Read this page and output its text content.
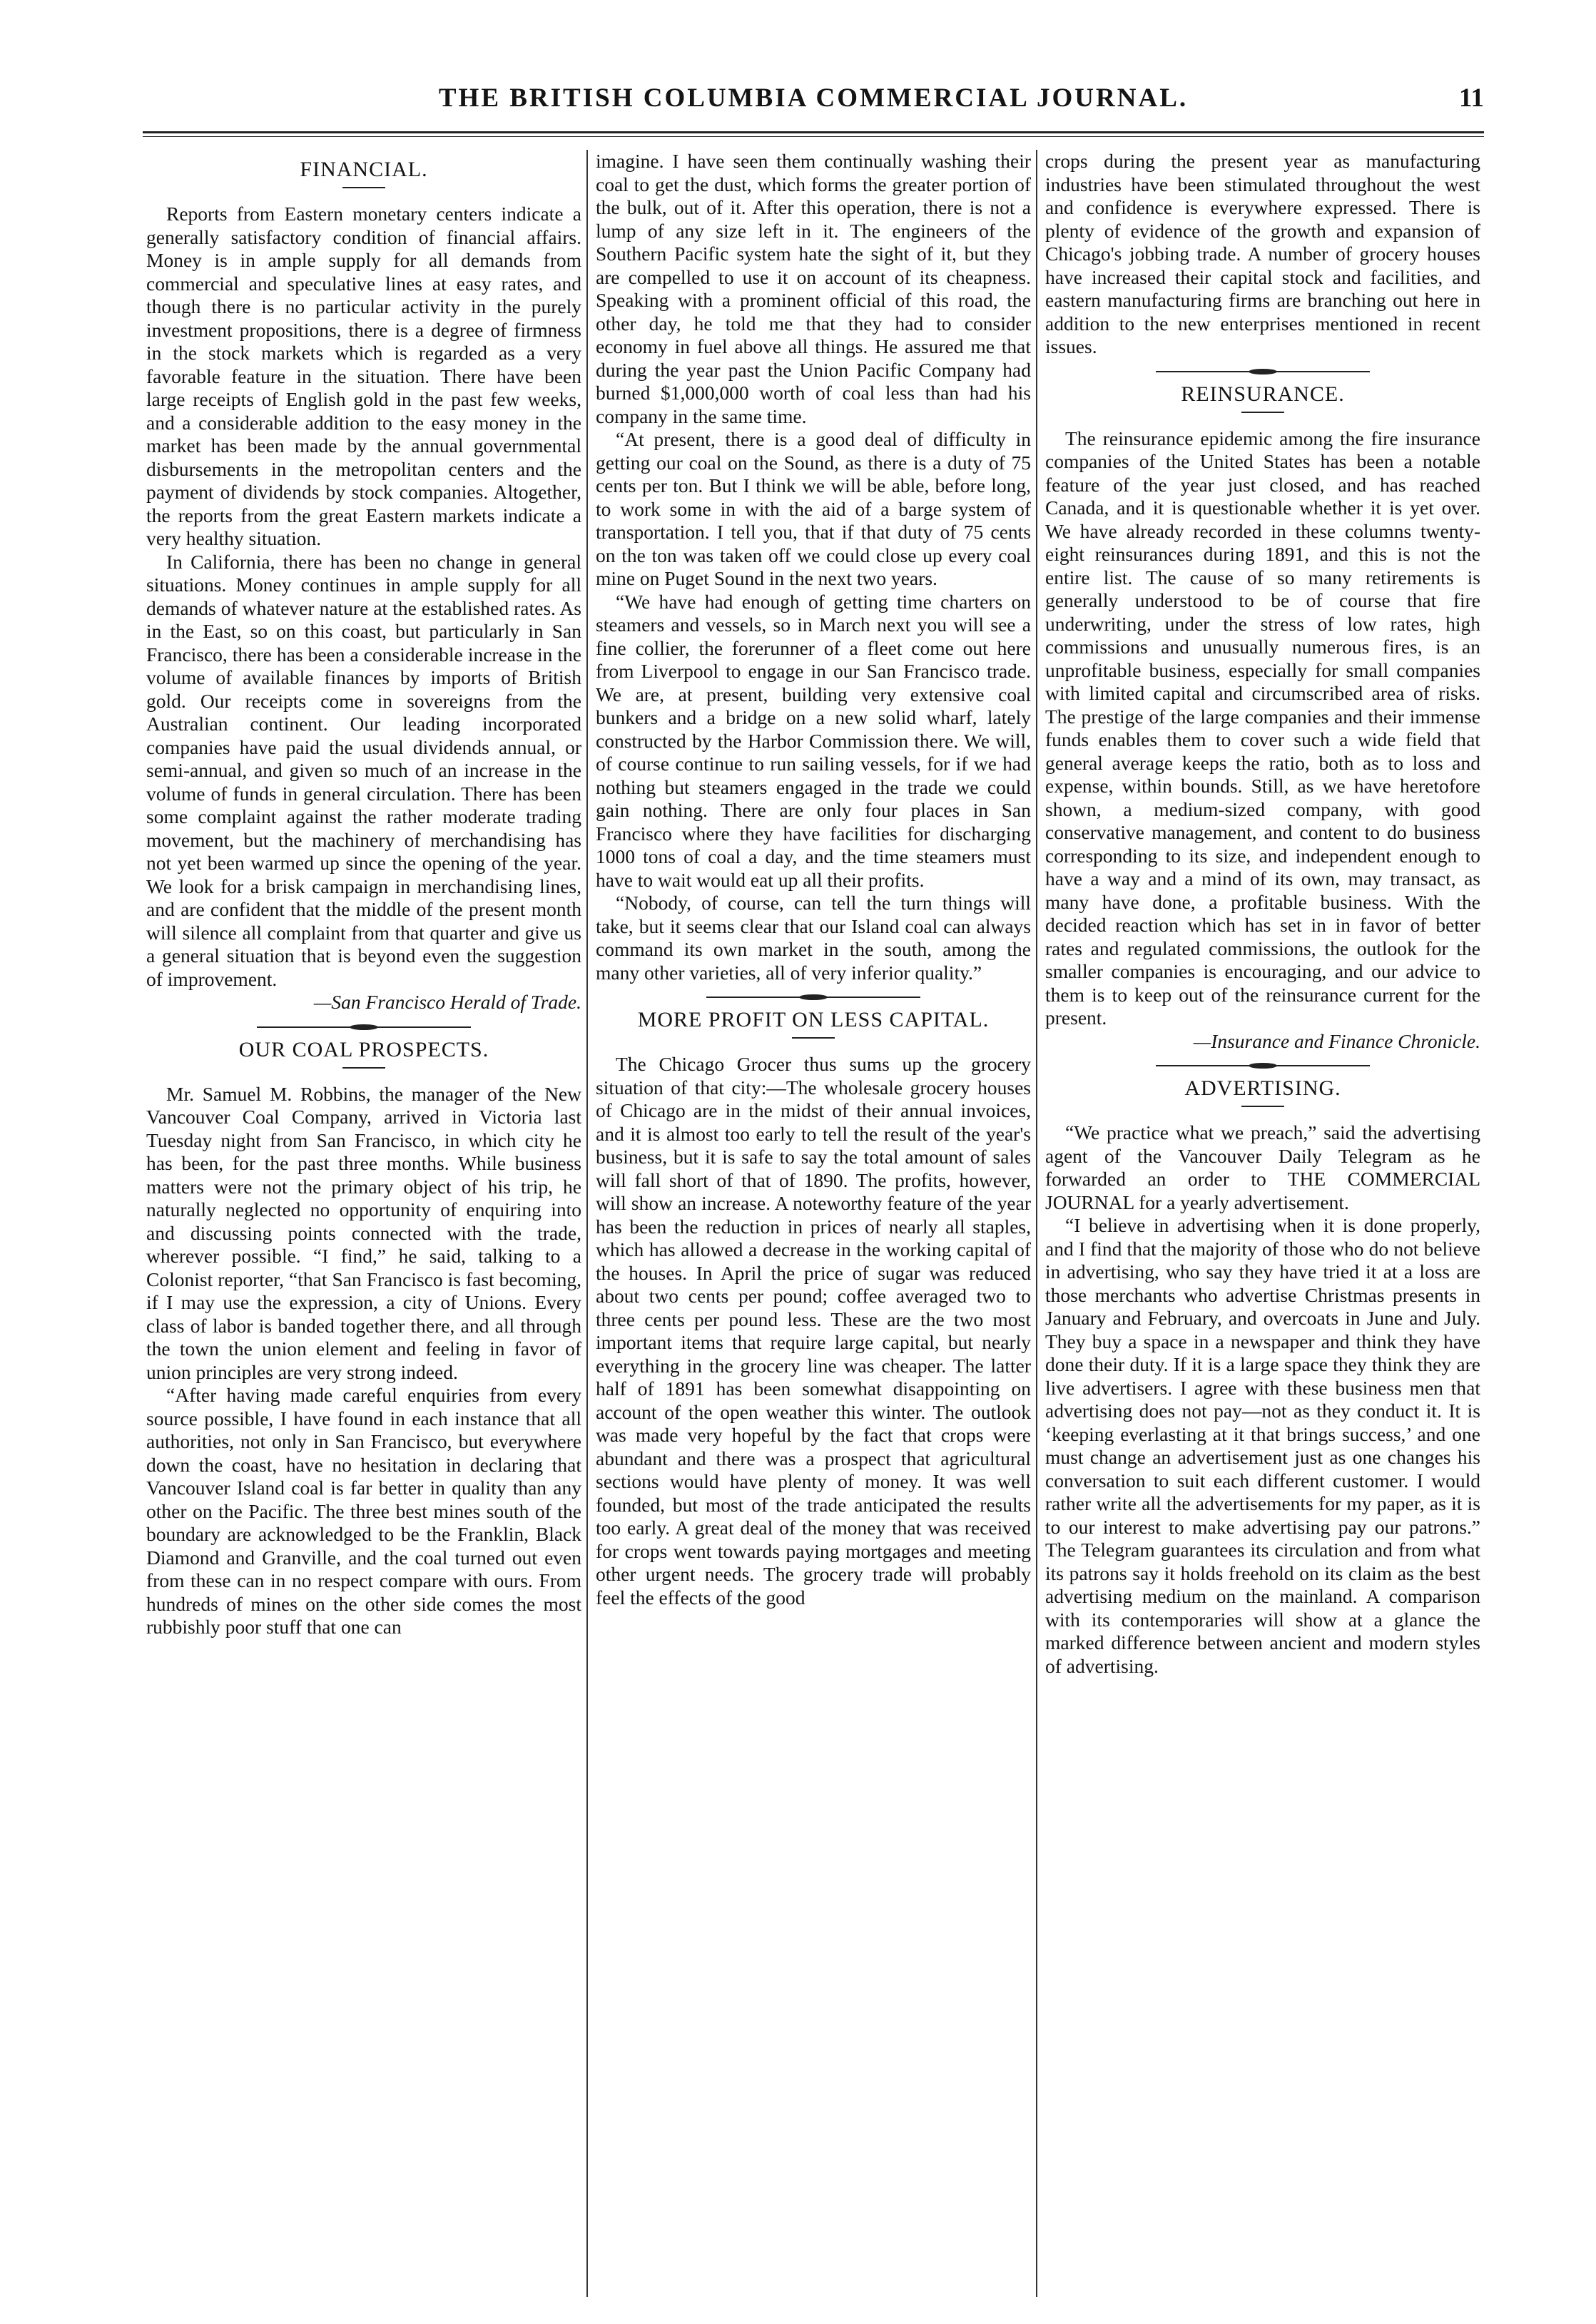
THE BRITISH COLUMBIA COMMERCIAL JOURNAL.	11
FINANCIAL.

Reports from Eastern monetary centers indicate a generally satisfactory condition of financial affairs. Money is in ample supply for all demands from commercial and speculative lines at easy rates, and though there is no particular activity in the purely investment propositions, there is a degree of firmness in the stock markets which is regarded as a very favorable feature in the situation. There have been large receipts of English gold in the past few weeks, and a considerable addition to the easy money in the market has been made by the annual governmental disbursements in the metropolitan centers and the payment of dividends by stock companies. Altogether, the reports from the great Eastern markets indicate a very healthy situation.

In California, there has been no change in general situations. Money continues in ample supply for all demands of whatever nature at the established rates. As in the East, so on this coast, but particularly in San Francisco, there has been a considerable increase in the volume of available finances by imports of British gold. Our receipts come in sovereigns from the Australian continent. Our leading incorporated companies have paid the usual dividends annual, or semi-annual, and given so much of an increase in the volume of funds in general circulation. There has been some complaint against the rather moderate trading movement, but the machinery of merchandising has not yet been warmed up since the opening of the year. We look for a brisk campaign in merchandising lines, and are confident that the middle of the present month will silence all complaint from that quarter and give us a general situation that is beyond even the suggestion of improvement.

—San Francisco Herald of Trade.

OUR COAL PROSPECTS.

Mr. Samuel M. Robbins, the manager of the New Vancouver Coal Company, arrived in Victoria last Tuesday night from San Francisco, in which city he has been, for the past three months. While business matters were not the primary object of his trip, he naturally neglected no opportunity of enquiring into and discussing points connected with the trade, wherever possible. “I find,” he said, talking to a Colonist reporter, “that San Francisco is fast becoming, if I may use the expression, a city of Unions. Every class of labor is banded together there, and all through the town the union element and feeling in favor of union principles are very strong indeed.

“After having made careful enquiries from every source possible, I have found in each instance that all authorities, not only in San Francisco, but everywhere down the coast, have no hesitation in declaring that Vancouver Island coal is far better in quality than any other on the Pacific. The three best mines south of the boundary are acknowledged to be the Franklin, Black Diamond and Granville, and the coal turned out even from these can in no respect compare with ours. From hundreds of mines on the other side comes the most rubbishly poor stuff that one can

imagine. I have seen them continually washing their coal to get the dust, which forms the greater portion of the bulk, out of it. After this operation, there is not a lump of any size left in it. The engineers of the Southern Pacific system hate the sight of it, but they are compelled to use it on account of its cheapness. Speaking with a prominent official of this road, the other day, he told me that they had to consider economy in fuel above all things. He assured me that during the year past the Union Pacific Company had burned $1,000,000 worth of coal less than had his company in the same time.

“At present, there is a good deal of difficulty in getting our coal on the Sound, as there is a duty of 75 cents per ton. But I think we will be able, before long, to work some in with the aid of a barge system of transportation. I tell you, that if that duty of 75 cents on the ton was taken off we could close up every coal mine on Puget Sound in the next two years.

“We have had enough of getting time charters on steamers and vessels, so in March next you will see a fine collier, the forerunner of a fleet come out here from Liverpool to engage in our San Francisco trade. We are, at present, building very extensive coal bunkers and a bridge on a new solid wharf, lately constructed by the Harbor Commission there. We will, of course continue to run sailing vessels, for if we had nothing but steamers engaged in the trade we could gain nothing. There are only four places in San Francisco where they have facilities for discharging 1000 tons of coal a day, and the time steamers must have to wait would eat up all their profits.

“Nobody, of course, can tell the turn things will take, but it seems clear that our Island coal can always command its own market in the south, among the many other varieties, all of very inferior quality.”

MORE PROFIT ON LESS CAPITAL.

The Chicago Grocer thus sums up the grocery situation of that city:—The wholesale grocery houses of Chicago are in the midst of their annual invoices, and it is almost too early to tell the result of the year's business, but it is safe to say the total amount of sales will fall short of that of 1890. The profits, however, will show an increase. A noteworthy feature of the year has been the reduction in prices of nearly all staples, which has allowed a decrease in the working capital of the houses. In April the price of sugar was reduced about two cents per pound; coffee averaged two to three cents per pound less. These are the two most important items that require large capital, but nearly everything in the grocery line was cheaper. The latter half of 1891 has been somewhat disappointing on account of the open weather this winter. The outlook was made very hopeful by the fact that crops were abundant and there was a prospect that agricultural sections would have plenty of money. It was well founded, but most of the trade anticipated the results too early. A great deal of the money that was received for crops went towards paying mortgages and meeting other urgent needs. The grocery trade will probably feel the effects of the good

crops during the present year as manufacturing industries have been stimulated throughout the west and confidence is everywhere expressed. There is plenty of evidence of the growth and expansion of Chicago's jobbing trade. A number of grocery houses have increased their capital stock and facilities, and eastern manufacturing firms are branching out here in addition to the new enterprises mentioned in recent issues.

REINSURANCE.

The reinsurance epidemic among the fire insurance companies of the United States has been a notable feature of the year just closed, and has reached Canada, and it is questionable whether it is yet over. We have already recorded in these columns twenty-eight reinsurances during 1891, and this is not the entire list. The cause of so many retirements is generally understood to be of course that fire underwriting, under the stress of low rates, high commissions and unusually numerous fires, is an unprofitable business, especially for small companies with limited capital and circumscribed area of risks. The prestige of the large companies and their immense funds enables them to cover such a wide field that general average keeps the ratio, both as to loss and expense, within bounds. Still, as we have heretofore shown, a medium-sized company, with good conservative management, and content to do business corresponding to its size, and independent enough to have a way and a mind of its own, may transact, as many have done, a profitable business. With the decided reaction which has set in in favor of better rates and regulated commissions, the outlook for the smaller companies is encouraging, and our advice to them is to keep out of the reinsurance current for the present.

—Insurance and Finance Chronicle.

ADVERTISING.

“We practice what we preach,” said the advertising agent of the Vancouver Daily Telegram as he forwarded an order to THE COMMERCIAL JOURNAL for a yearly advertisement.

“I believe in advertising when it is done properly, and I find that the majority of those who do not believe in advertising, who say they have tried it at a loss are those merchants who advertise Christmas presents in January and February, and overcoats in June and July. They buy a space in a newspaper and think they have done their duty. If it is a large space they think they are live advertisers. I agree with these business men that advertising does not pay—not as they conduct it. It is ‘keeping everlasting at it that brings success,’ and one must change an advertisement just as one changes his conversation to suit each different customer. I would rather write all the advertisements for my paper, as it is to our interest to make advertising pay our patrons.” The Telegram guarantees its circulation and from what its patrons say it holds freehold on its claim as the best advertising medium on the mainland. A comparison with its contemporaries will show at a glance the marked difference between ancient and modern styles of advertising.
